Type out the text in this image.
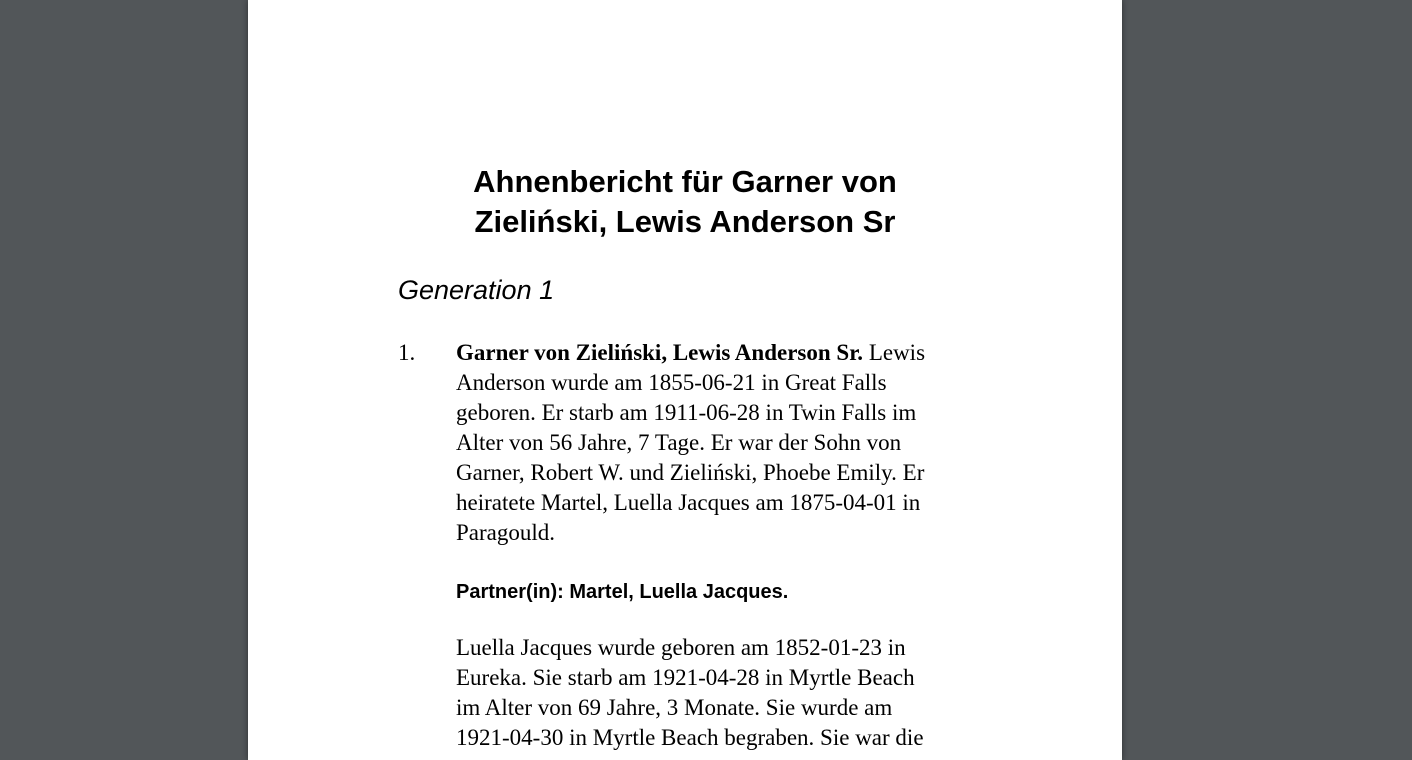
Ahnenbericht für Garner von
Zieliński, Lewis Anderson Sr
Generation 1
1. Garner von Zieliński, Lewis Anderson Sr. Lewis
Anderson wurde am 1855-06-21 in Great Falls
geboren. Er starb am 1911-06-28 in Twin Falls im
Alter von 56 Jahre, 7 Tage. Er war der Sohn von
Garner, Robert W. und Zieliński, Phoebe Emily. Er
heiratete Martel, Luella Jacques am 1875-04-01 in
Paragould.
Partner(in): Martel, Luella Jacques.
Luella Jacques wurde geboren am 1852-01-23 in
Eureka. Sie starb am 1921-04-28 in Myrtle Beach
im Alter von 69 Jahre, 3 Monate. Sie wurde am
1921-04-30 in Myrtle Beach begraben. Sie war die
